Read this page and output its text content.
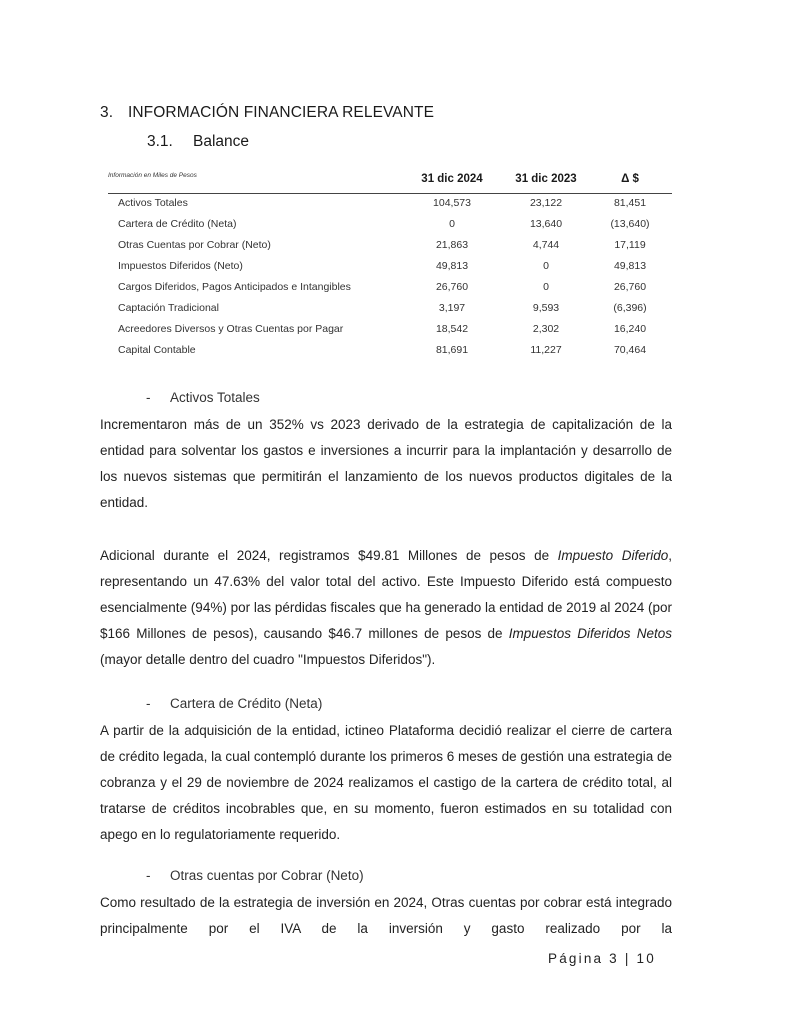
3. INFORMACIÓN FINANCIERA RELEVANTE
3.1. Balance
Información en Miles de Pesos	31 dic 2024	31 dic 2023	Δ $
Activos Totales	104,573	23,122	81,451
Cartera de Crédito (Neta)	0	13,640	(13,640)
Otras Cuentas por Cobrar (Neto)	21,863	4,744	17,119
Impuestos Diferidos (Neto)	49,813	0	49,813
Cargos Diferidos, Pagos Anticipados e Intangibles	26,760	0	26,760
Captación Tradicional	3,197	9,593	(6,396)
Acreedores Diversos y Otras Cuentas por Pagar	18,542	2,302	16,240
Capital Contable	81,691	11,227	70,464
- Activos Totales

Incrementaron más de un 352% vs 2023 derivado de la estrategia de capitalización de la entidad para solventar los gastos e inversiones a incurrir para la implantación y desarrollo de los nuevos sistemas que permitirán el lanzamiento de los nuevos productos digitales de la entidad.

Adicional durante el 2024, registramos $49.81 Millones de pesos de Impuesto Diferido, representando un 47.63% del valor total del activo. Este Impuesto Diferido está compuesto esencialmente (94%) por las pérdidas fiscales que ha generado la entidad de 2019 al 2024 (por $166 Millones de pesos), causando $46.7 millones de pesos de Impuestos Diferidos Netos (mayor detalle dentro del cuadro "Impuestos Diferidos").

- Cartera de Crédito (Neta)

A partir de la adquisición de la entidad, ictineo Plataforma decidió realizar el cierre de cartera de crédito legada, la cual contempló durante los primeros 6 meses de gestión una estrategia de cobranza y el 29 de noviembre de 2024 realizamos el castigo de la cartera de crédito total, al tratarse de créditos incobrables que, en su momento, fueron estimados en su totalidad con apego en lo regulatoriamente requerido.

- Otras cuentas por Cobrar (Neto)

Como resultado de la estrategia de inversión en 2024, Otras cuentas por cobrar está integrado principalmente por el IVA de la inversión y gasto realizado por la

Página 3 | 10
